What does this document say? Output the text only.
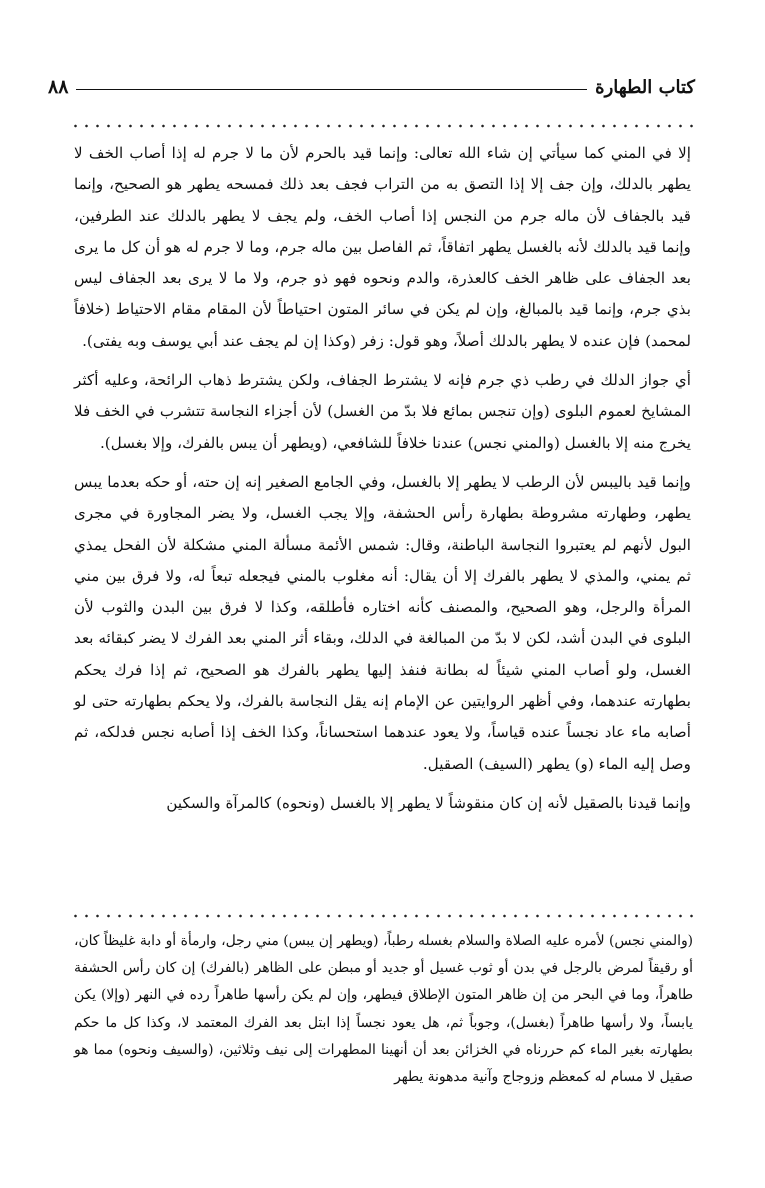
٨٨	كتاب الطهارة

إلا في المني كما سيأتي إن شاء الله تعالى: وإنما قيد بالحرم لأن ما لا جرم له إذا أصاب الخف لا يطهر بالدلك، وإن جف إلا إذا التصق به من التراب فجف بعد ذلك فمسحه يطهر هو الصحيح، وإنما قيد بالجفاف لأن ماله جرم من النجس إذا أصاب الخف، ولم يجف لا يطهر بالدلك عند الطرفين، وإنما قيد بالدلك لأنه بالغسل يطهر اتفاقاً، ثم الفاصل بين ماله جرم، وما لا جرم له هو أن كل ما يرى بعد الجفاف على ظاهر الخف كالعذرة، والدم ونحوه فهو ذو جرم، ولا ما لا يرى بعد الجفاف ليس بذي جرم، وإنما قيد بالمبالغ، وإن لم يكن في سائر المتون احتياطاً لأن المقام مقام الاحتياط (خلافاً لمحمد) فإن عنده لا يطهر بالدلك أصلاً، وهو قول: زفر (وكذا إن لم يجف عند أبي يوسف وبه يفتى).

أي جواز الدلك في رطب ذي جرم فإنه لا يشترط الجفاف، ولكن يشترط ذهاب الرائحة، وعليه أكثر المشايخ لعموم البلوى (وإن تنجس بمائع فلا بدّ من الغسل) لأن أجزاء النجاسة تتشرب في الخف فلا يخرج منه إلا بالغسل (والمني نجس) عندنا خلافاً للشافعي، (ويطهر أن يبس بالفرك، وإلا بغسل).

وإنما قيد باليبس لأن الرطب لا يطهر إلا بالغسل، وفي الجامع الصغير إنه إن حته، أو حكه بعدما يبس يطهر، وطهارته مشروطة بطهارة رأس الحشفة، وإلا يجب الغسل، ولا يضر المجاورة في مجرى البول لأنهم لم يعتبروا النجاسة الباطنة، وقال: شمس الأئمة مسألة المني مشكلة لأن الفحل يمذي ثم يمني، والمذي لا يطهر بالفرك إلا أن يقال: أنه مغلوب بالمني فيجعله تبعاً له، ولا فرق بين مني المرأة والرجل، وهو الصحيح، والمصنف كأنه اختاره فأطلقه، وكذا لا فرق بين البدن والثوب لأن البلوى في البدن أشد، لكن لا بدّ من المبالغة في الدلك، وبقاء أثر المني بعد الفرك لا يضر كبقائه بعد الغسل، ولو أصاب المني شيئاً له بطانة فنفذ إليها يطهر بالفرك هو الصحيح، ثم إذا فرك يحكم بطهارته عندهما، وفي أظهر الروايتين عن الإمام إنه يقل النجاسة بالفرك، ولا يحكم بطهارته حتى لو أصابه ماء عاد نجساً عنده قياساً، ولا يعود عندهما استحساناً، وكذا الخف إذا أصابه نجس فدلكه، ثم وصل إليه الماء (و) يطهر (السيف) الصقيل.

وإنما قيدنا بالصقيل لأنه إن كان منقوشاً لا يطهر إلا بالغسل (ونحوه) كالمرآة والسكين

(والمني نجس) لأمره عليه الصلاة والسلام بغسله رطباً، (ويطهر إن يبس) مني رجل، وارمأة أو دابة غليظاً كان، أو رقيقاً لمرض بالرجل في بدن أو ثوب غسيل أو جديد أو مبطن على الظاهر (بالفرك) إن كان رأس الحشفة طاهراً، وما في البحر من إن ظاهر المتون الإطلاق فيطهر، وإن لم يكن رأسها طاهراً رده في النهر (وإلا) يكن يابساً، ولا رأسها طاهراً (بغسل)، وجوباً ثم، هل يعود نجساً إذا ابتل بعد الفرك المعتمد لا، وكذا كل ما حكم بطهارته بغير الماء كم حررناه في الخزائن بعد أن أنهينا المطهرات إلى نيف وثلاثين، (والسيف ونحوه) مما هو صقيل لا مسام له كمعظم وزوجاج وآنية مدهونة يطهر
